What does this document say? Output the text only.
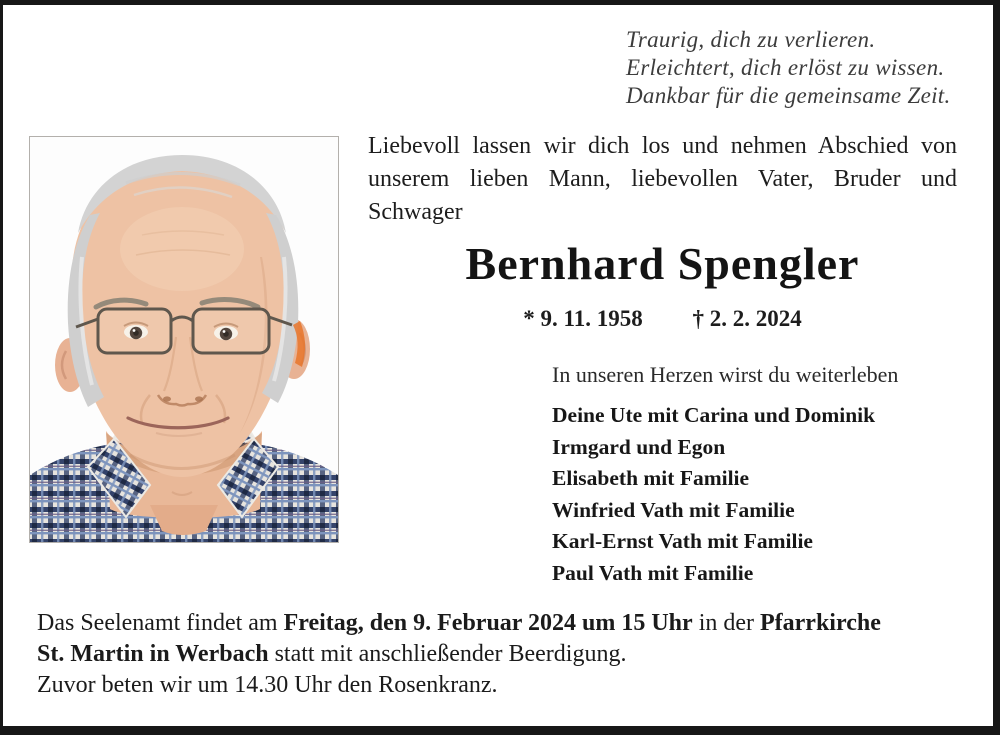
Traurig, dich zu verlieren.
Erleichtert, dich erlöst zu wissen.
Dankbar für die gemeinsame Zeit.
Liebevoll lassen wir dich los und nehmen Abschied von unserem lieben Mann, liebevollen Vater, Bruder und Schwager
Bernhard Spengler
* 9. 11. 1958 † 2. 2. 2024
In unseren Herzen wirst du weiterleben
Deine Ute mit Carina und Dominik
Irmgard und Egon
Elisabeth mit Familie
Winfried Vath mit Familie
Karl-Ernst Vath mit Familie
Paul Vath mit Familie
Das Seelenamt findet am Freitag, den 9. Februar 2024 um 15 Uhr in der Pfarrkirche
St. Martin in Werbach statt mit anschließender Beerdigung.
Zuvor beten wir um 14.30 Uhr den Rosenkranz.
